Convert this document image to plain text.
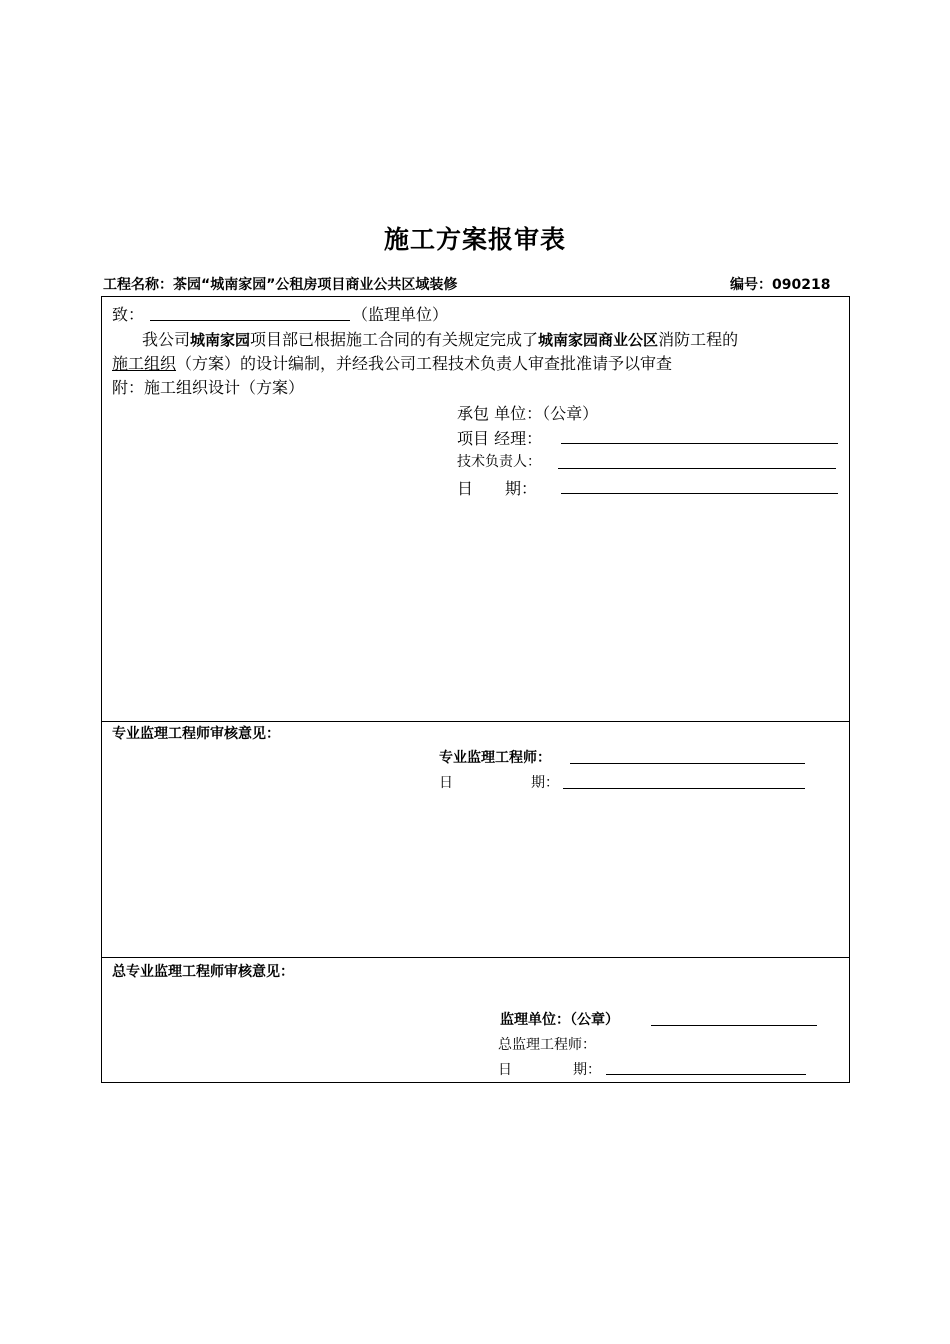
施工方案报审表
工程名称：茶园“城南家园”公租房项目商业公共区域装修	编号：090218
致：	（监理单位）
我公司城南家园项目部已根据施工合同的有关规定完成了城南家园商业公区消防工程的
施工组织（方案）的设计编制，并经我公司工程技术负责人审查批准请予以审查
附：施工组织设计（方案）
承包 单位：（公章）
项目 经理：
技术负责人：
日　　期：
专业监理工程师审核意见：
专业监理工程师：
日	期：
总专业监理工程师审核意见：
监理单位：（公章）
总监理工程师：
日	期：
